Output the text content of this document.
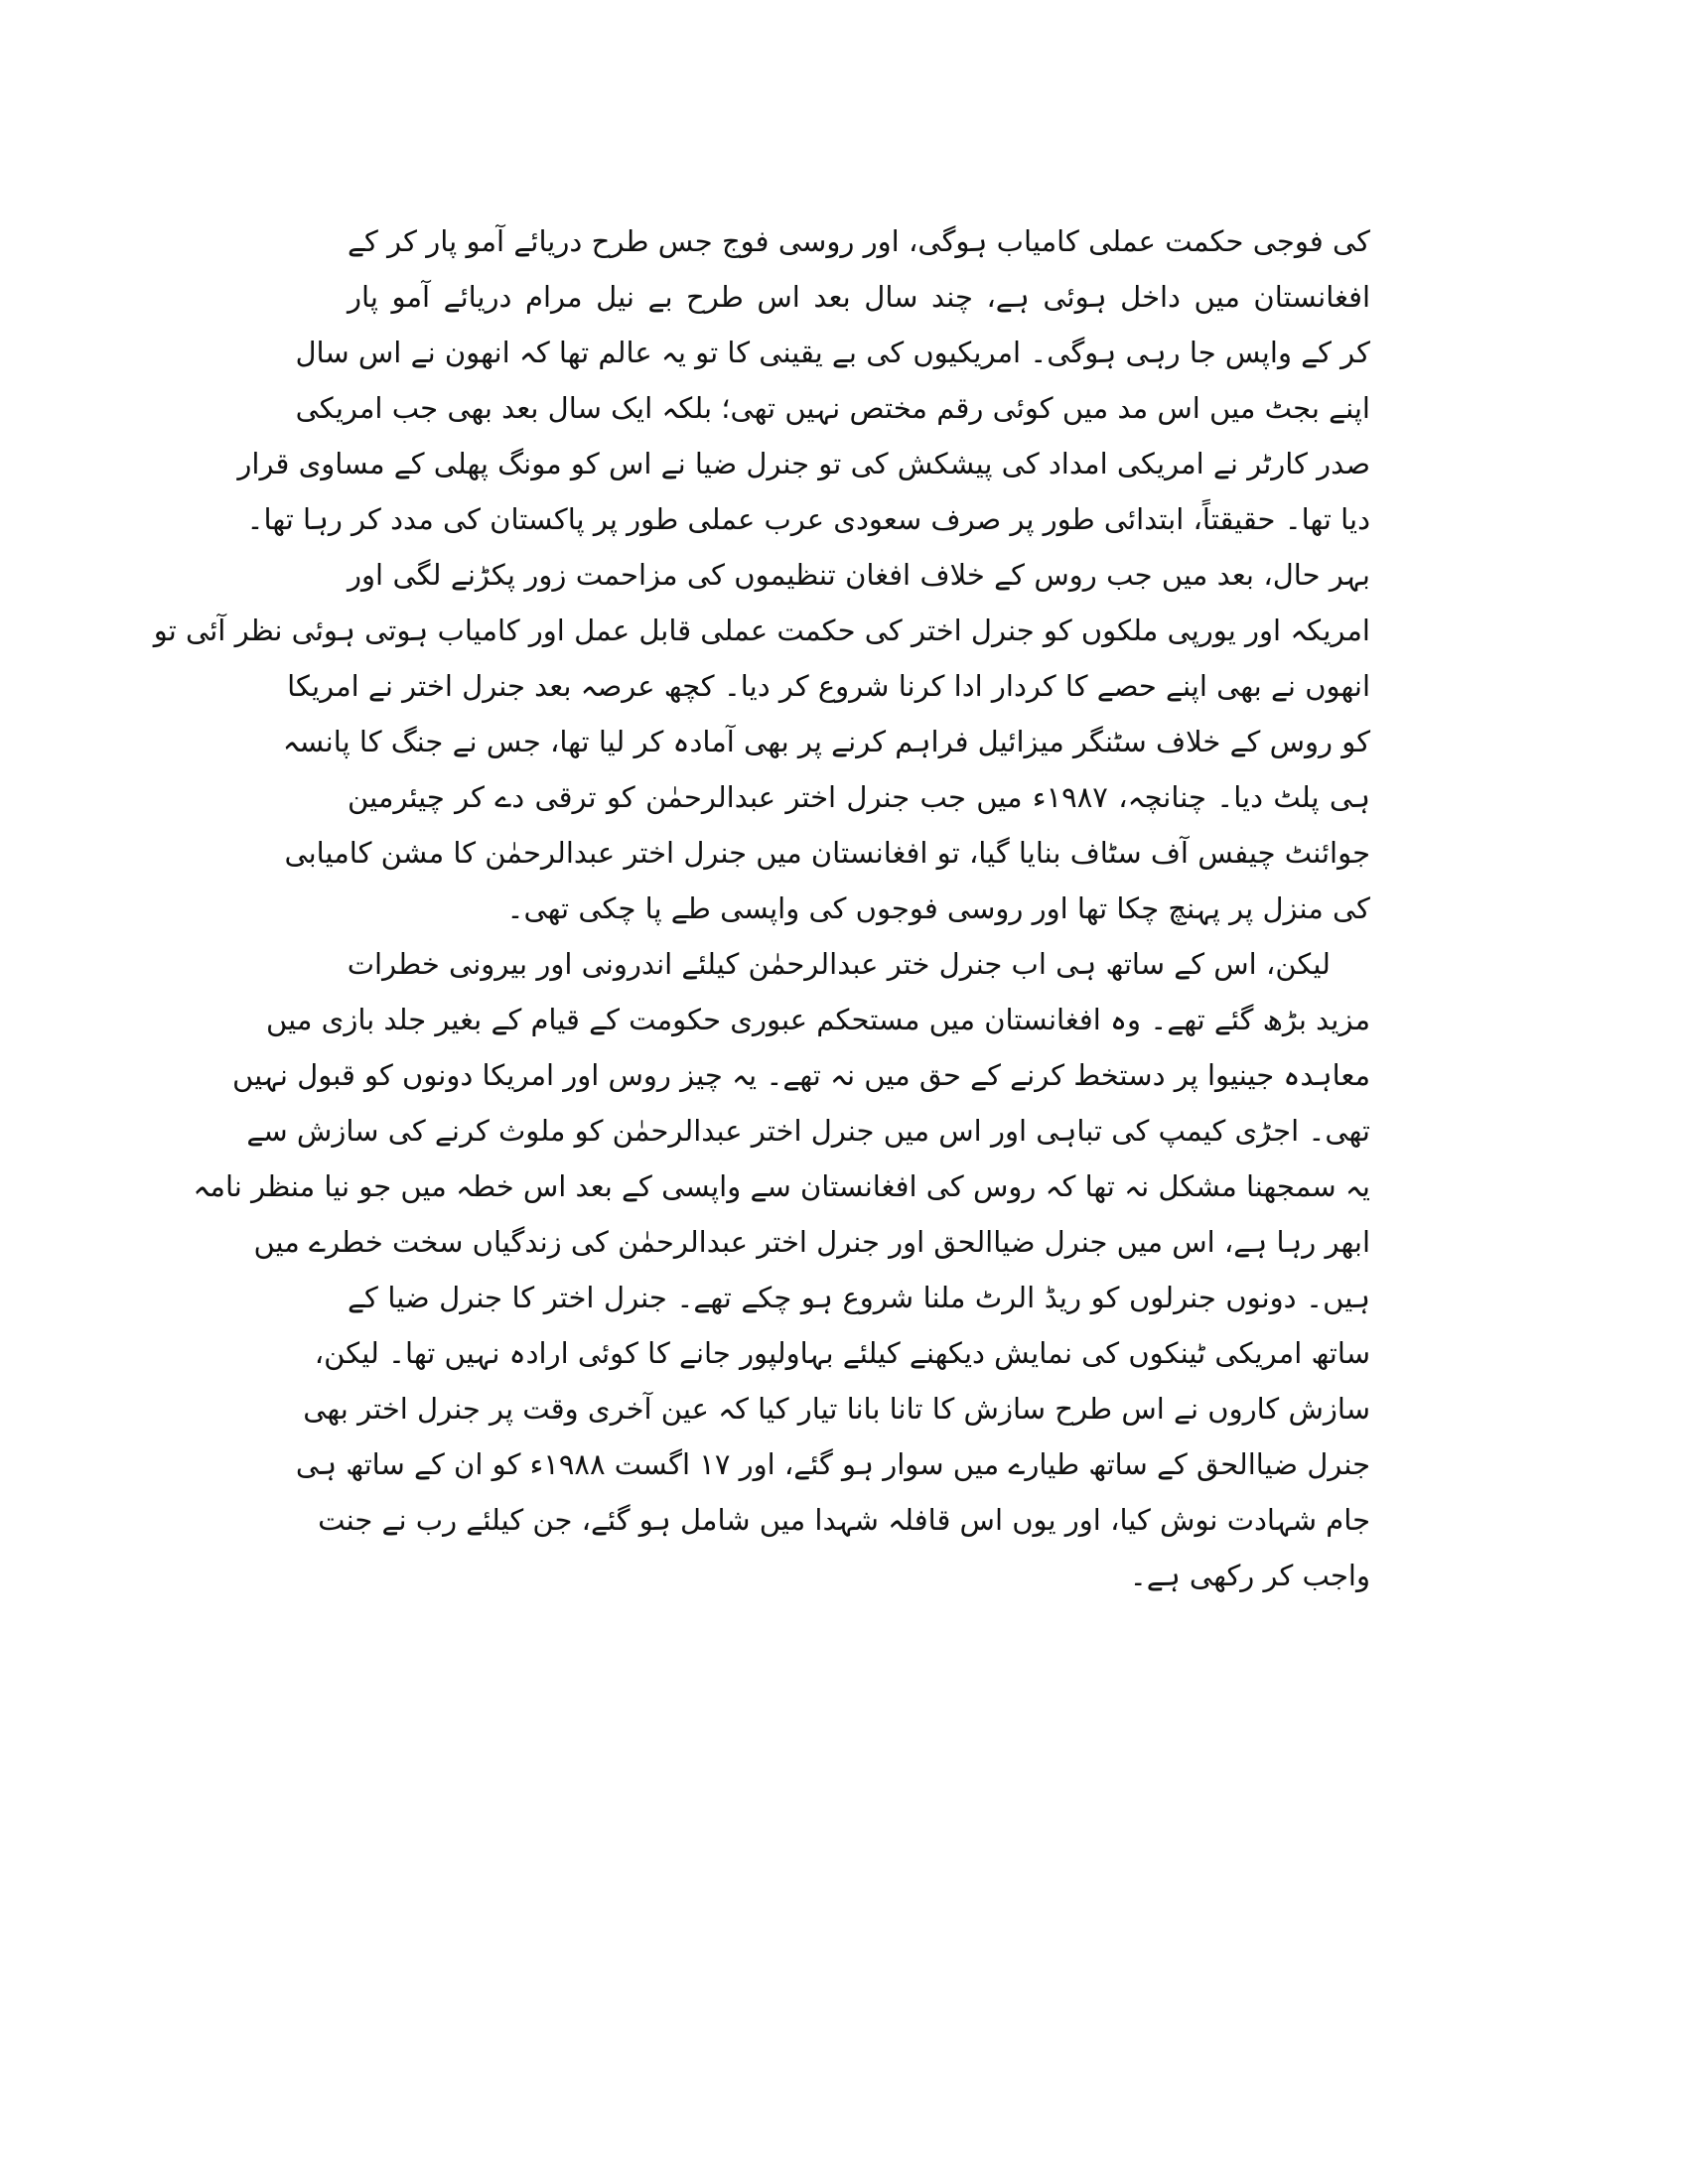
کی فوجی حکمت عملی کامیاب ہوگی، اور روسی فوج جس طرح دریائے آمو پار کر کے
افغانستان میں داخل ہوئی ہے، چند سال بعد اس طرح بے نیل مرام دریائے آمو پار
کر کے واپس جا رہی ہوگی۔ امریکیوں کی بے یقینی کا تو یہ عالم تھا کہ انھون نے اس سال
اپنے بجٹ میں اس مد میں کوئی رقم مختص نہیں تھی؛ بلکہ ایک سال بعد بھی جب امریکی
صدر کارٹر نے امریکی امداد کی پیشکش کی تو جنرل ضیا نے اس کو مونگ پھلی کے مساوی قرار
دیا تھا۔ حقیقتاً، ابتدائی طور پر صرف سعودی عرب عملی طور پر پاکستان کی مدد کر رہا تھا۔
بہر حال، بعد میں جب روس کے خلاف افغان تنظیموں کی مزاحمت زور پکڑنے لگی اور
امریکہ اور یورپی ملکوں کو جنرل اختر کی حکمت عملی قابل عمل اور کامیاب ہوتی ہوئی نظر آئی تو
انھوں نے بھی اپنے حصے کا کردار ادا کرنا شروع کر دیا۔ کچھ عرصہ بعد جنرل اختر نے امریکا
کو روس کے خلاف سٹنگر میزائیل فراہم کرنے پر بھی آمادہ کر لیا تھا، جس نے جنگ کا پانسہ
ہی پلٹ دیا۔ چنانچہ، ۱۹۸۷ء میں جب جنرل اختر عبدالرحمٰن کو ترقی دے کر چیئرمین
جوائنٹ چیفس آف سٹاف بنایا گیا، تو افغانستان میں جنرل اختر عبدالرحمٰن کا مشن کامیابی
کی منزل پر پہنچ چکا تھا اور روسی فوجوں کی واپسی طے پا چکی تھی۔
لیکن، اس کے ساتھ ہی اب جنرل ختر عبدالرحمٰن کیلئے اندرونی اور بیرونی خطرات
مزید بڑھ گئے تھے۔ وہ افغانستان میں مستحکم عبوری حکومت کے قیام کے بغیر جلد بازی میں
معاہدہ جینیوا پر دستخط کرنے کے حق میں نہ تھے۔ یہ چیز روس اور امریکا دونوں کو قبول نہیں
تھی۔ اجڑی کیمپ کی تباہی اور اس میں جنرل اختر عبدالرحمٰن کو ملوث کرنے کی سازش سے
یہ سمجھنا مشکل نہ تھا کہ روس کی افغانستان سے واپسی کے بعد اس خطہ میں جو نیا منظر نامہ
ابھر رہا ہے، اس میں جنرل ضیاالحق اور جنرل اختر عبدالرحمٰن کی زندگیاں سخت خطرے میں
ہیں۔ دونوں جنرلوں کو ریڈ الرٹ ملنا شروع ہو چکے تھے۔ جنرل اختر کا جنرل ضیا کے
ساتھ امریکی ٹینکوں کی نمایش دیکھنے کیلئے بہاولپور جانے کا کوئی ارادہ نہیں تھا۔ لیکن،
سازش کاروں نے اس طرح سازش کا تانا بانا تیار کیا کہ عین آخری وقت پر جنرل اختر بھی
جنرل ضیاالحق کے ساتھ طیارے میں سوار ہو گئے، اور ۱۷ اگست ۱۹۸۸ء کو ان کے ساتھ ہی
جام شہادت نوش کیا، اور یوں اس قافلہ شہدا میں شامل ہو گئے، جن کیلئے رب نے جنت
واجب کر رکھی ہے۔
